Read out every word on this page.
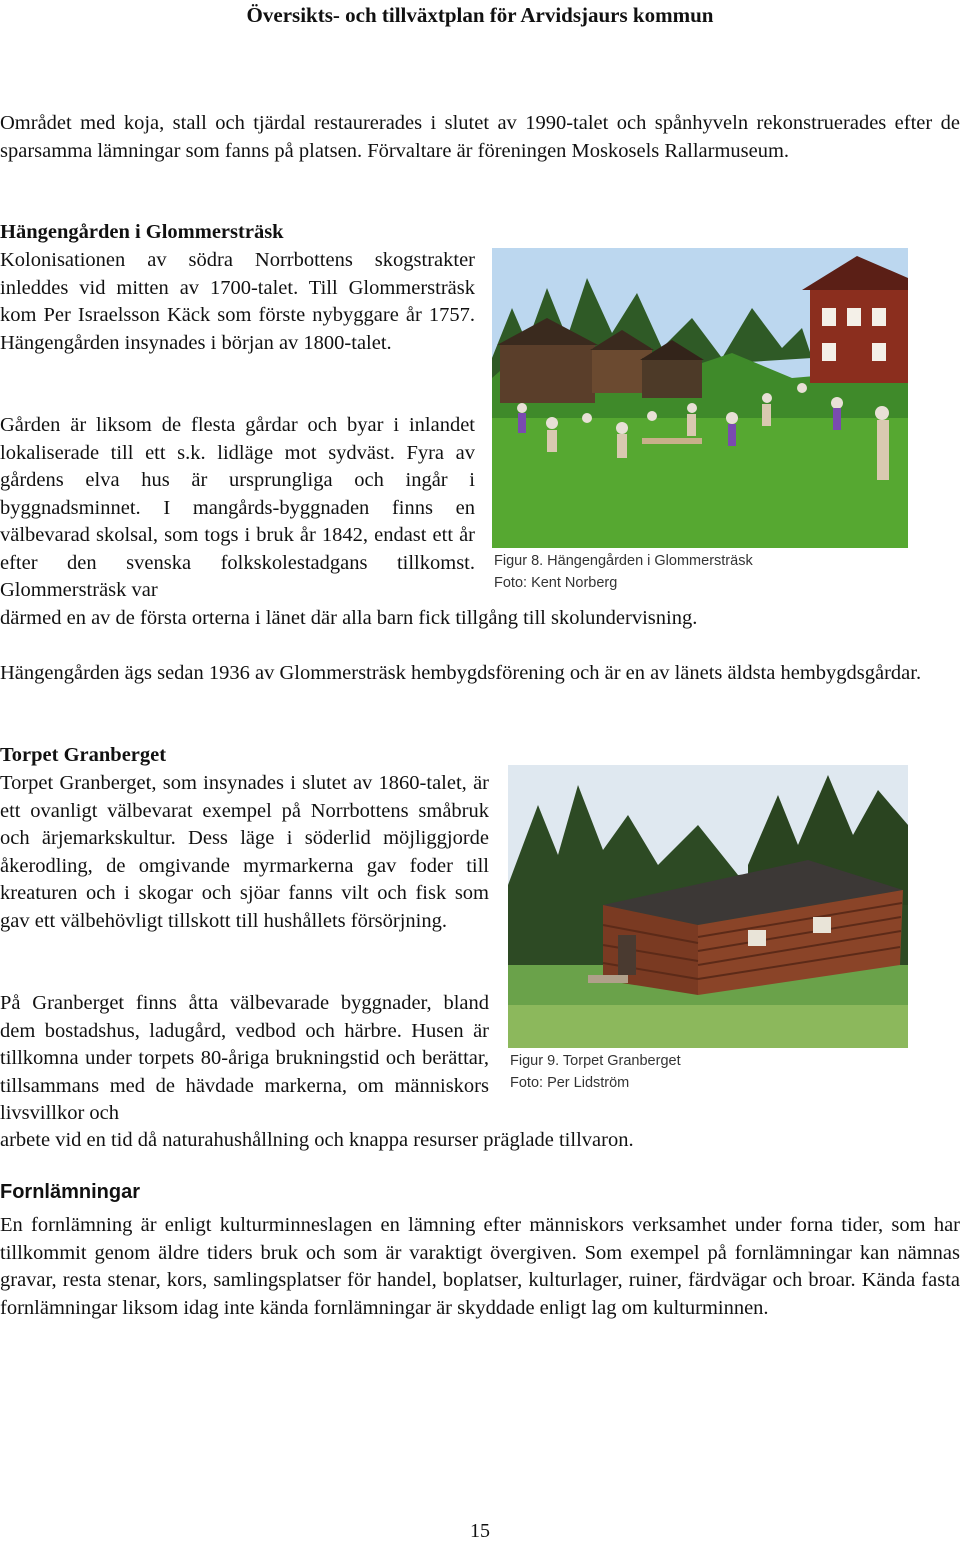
Översikts- och tillväxtplan för Arvidsjaurs kommun

Området med koja, stall och tjärdal restaurerades i slutet av 1990-talet och spånhyveln rekonstruerades efter de sparsamma lämningar som fanns på platsen. Förvaltare är föreningen Moskosels Rallarmuseum.

Hängengården i Glommersträsk

Kolonisationen av södra Norrbottens skogstrakter inleddes vid mitten av 1700-talet. Till Glommersträsk kom Per Israelsson Käck som förste nybyggare år 1757. Hängengården insynades i början av 1800-talet.

Gården är liksom de flesta gårdar och byar i inlandet lokaliserade till ett s.k. lidläge mot sydväst. Fyra av gårdens elva hus är ursprungliga och ingår i byggnadsminnet. I mangårds-byggnaden finns en välbevarad skolsal, som togs i bruk år 1842, endast ett år efter den svenska folkskolestadgans tillkomst. Glommersträsk var

därmed en av de första orterna i länet där alla barn fick tillgång till skolundervisning.

Figur 8. Hängengården i Glommersträsk

Foto: Kent Norberg

Hängengården ägs sedan 1936 av Glommersträsk hembygdsförening och är en av länets äldsta hembygdsgårdar.

Torpet Granberget

Torpet Granberget, som insynades i slutet av 1860-talet, är ett ovanligt välbevarat exempel på Norrbottens småbruk och ärjemarkskultur. Dess läge i söderlid möjliggjorde åkerodling, de omgivande myrmarkerna gav foder till kreaturen och i skogar och sjöar fanns vilt och fisk som gav ett välbehövligt tillskott till hushållets försörjning.

På Granberget finns åtta välbevarade byggnader, bland dem bostadshus, ladugård, vedbod och härbre. Husen är tillkomna under torpets 80-åriga brukningstid och berättar, tillsammans med de hävdade markerna, om människors livsvillkor och

arbete vid en tid då naturahushållning och knappa resurser präglade tillvaron.

Figur 9. Torpet Granberget

Foto: Per Lidström

Fornlämningar

En fornlämning är enligt kulturminneslagen en lämning efter människors verksamhet under forna tider, som har tillkommit genom äldre tiders bruk och som är varaktigt övergiven. Som exempel på fornlämningar kan nämnas gravar, resta stenar, kors, samlingsplatser för handel, boplatser, kulturlager, ruiner, färdvägar och broar. Kända fasta fornlämningar liksom idag inte kända fornlämningar är skyddade enligt lag om kulturminnen.

15
